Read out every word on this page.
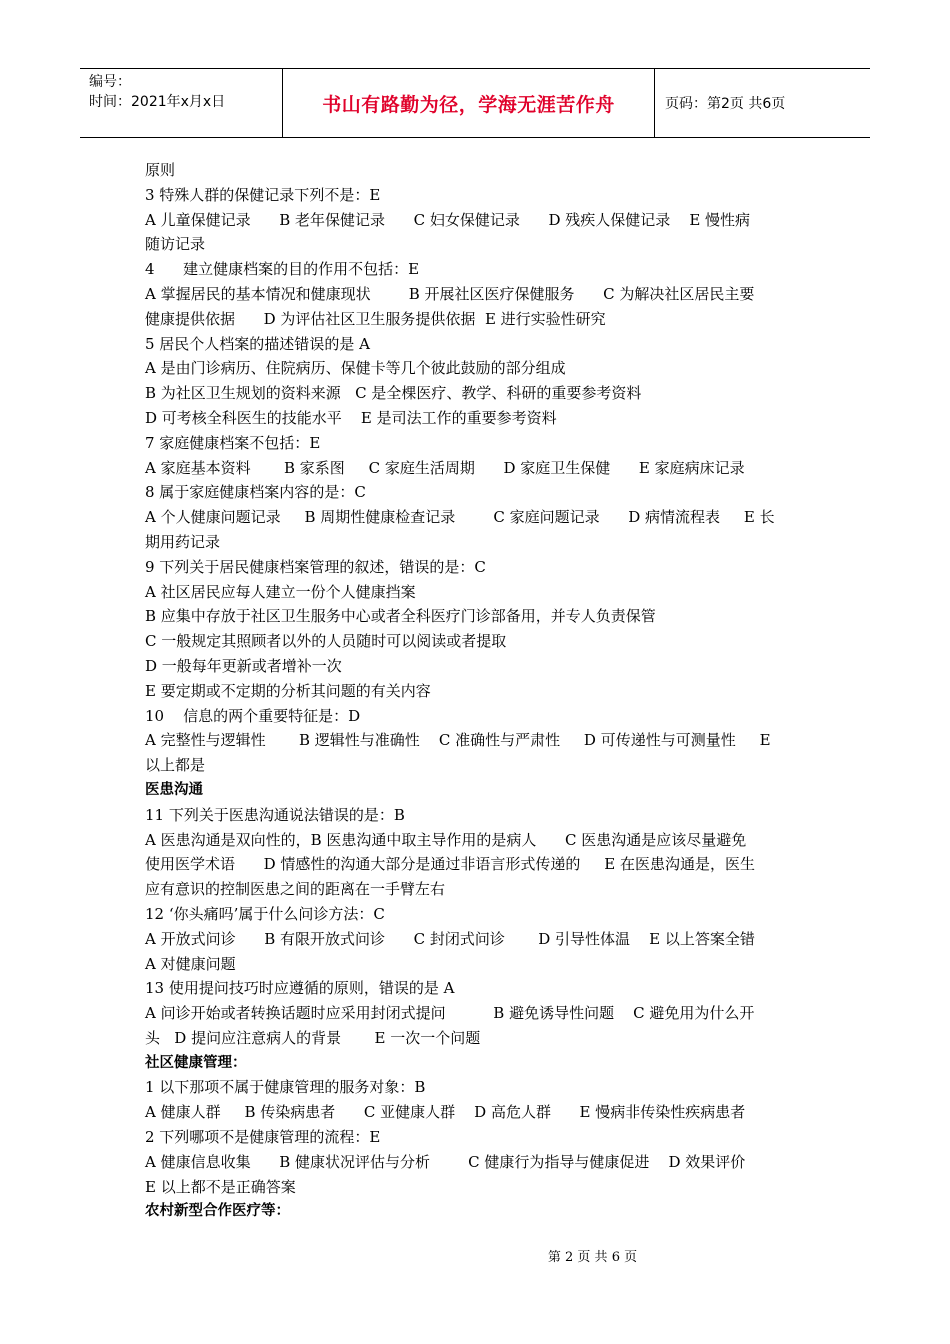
编号：
时间：2021年x月x日	书山有路勤为径，学海无涯苦作舟	页码：第2页 共6页

原则

3 特殊人群的保健记录下列不是：E

A 儿童保健记录      B 老年保健记录      C 妇女保健记录      D 残疾人保健记录    E 慢性病

随访记录

4      建立健康档案的目的作用不包括：E

A 掌握居民的基本情况和健康现状        B 开展社区医疗保健服务      C 为解决社区居民主要

健康提供依据      D 为评估社区卫生服务提供依据  E 进行实验性研究

5 居民个人档案的描述错误的是 A

A 是由门诊病历、住院病历、保健卡等几个彼此鼓励的部分组成

B 为社区卫生规划的资料来源   C 是全棵医疗、教学、科研的重要参考资料

D 可考核全科医生的技能水平    E 是司法工作的重要参考资料

7 家庭健康档案不包括：E

A 家庭基本资料       B 家系图     C 家庭生活周期      D 家庭卫生保健      E 家庭病床记录

8 属于家庭健康档案内容的是：C

A 个人健康问题记录     B 周期性健康检查记录        C 家庭问题记录      D 病情流程表     E 长

期用药记录

9 下列关于居民健康档案管理的叙述，错误的是：C

A 社区居民应每人建立一份个人健康挡案

B 应集中存放于社区卫生服务中心或者全科医疗门诊部备用，并专人负责保管

C 一般规定其照顾者以外的人员随时可以阅读或者提取

D 一般每年更新或者增补一次

E 要定期或不定期的分析其问题的有关内容

10    信息的两个重要特征是：D

A 完整性与逻辑性       B 逻辑性与准确性    C 准确性与严肃性     D 可传递性与可测量性     E

以上都是

医患沟通

11 下列关于医患沟通说法错误的是：B

A 医患沟通是双向性的，B 医患沟通中取主导作用的是病人      C 医患沟通是应该尽量避免

使用医学术语      D 情感性的沟通大部分是通过非语言形式传递的     E 在医患沟通是，医生

应有意识的控制医患之间的距离在一手臂左右

12 ‘你头痛吗’属于什么问诊方法：C

A 开放式问诊      B 有限开放式问诊      C 封闭式问诊       D 引导性体温    E 以上答案全错

A 对健康问题

13 使用提问技巧时应遵循的原则，错误的是 A

A 问诊开始或者转换话题时应采用封闭式提问          B 避免诱导性问题    C 避免用为什么开

头   D 提问应注意病人的背景       E 一次一个问题

社区健康管理：

1 以下那项不属于健康管理的服务对象：B

A 健康人群     B 传染病患者      C 亚健康人群    D 高危人群      E 慢病非传染性疾病患者

2 下列哪项不是健康管理的流程：E

A 健康信息收集      B 健康状况评估与分析        C 健康行为指导与健康促进    D 效果评价

E 以上都不是正确答案

农村新型合作医疗等：

第 2 页 共 6 页
